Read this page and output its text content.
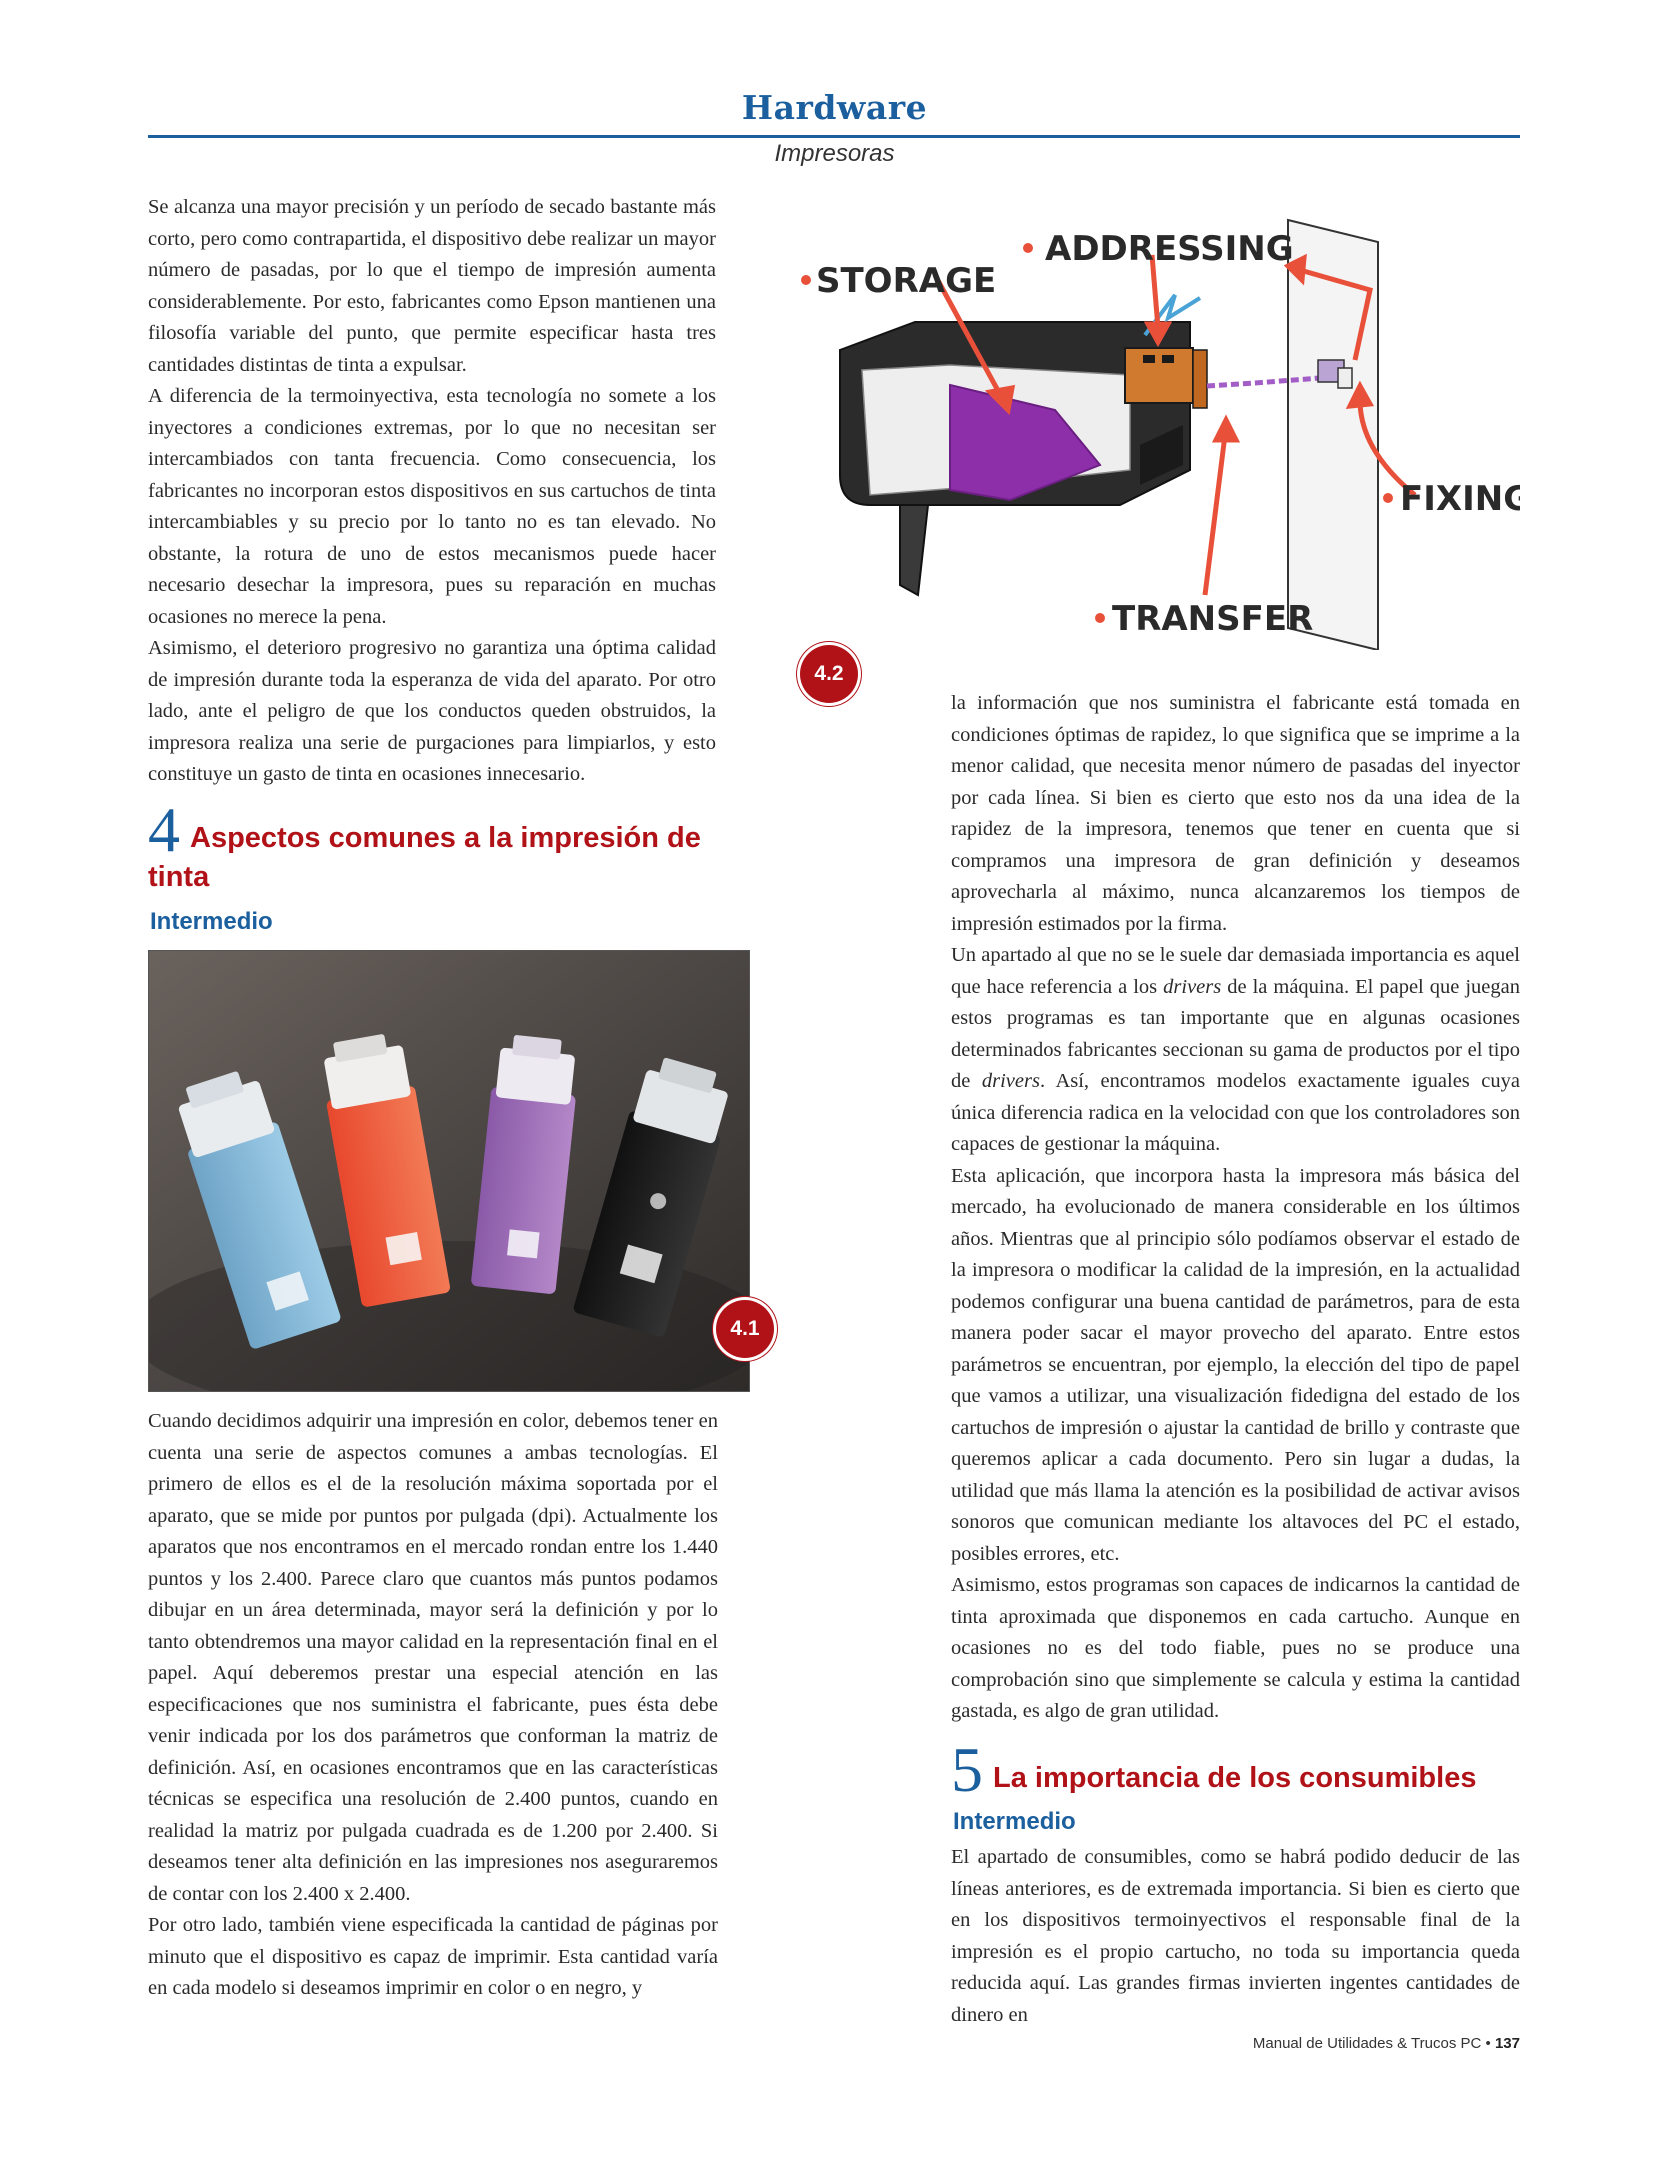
Hardware
Impresoras

Se alcanza una mayor precisión y un período de secado bastante más corto, pero como contrapartida, el dispositivo debe realizar un mayor número de pasadas, por lo que el tiempo de impresión aumenta considerablemente. Por esto, fabricantes como Epson mantienen una filosofía variable del punto, que permite especificar hasta tres cantidades distintas de tinta a expulsar.

A diferencia de la termoinyectiva, esta tecnología no somete a los inyectores a condiciones extremas, por lo que no necesitan ser intercambiados con tanta frecuencia. Como consecuencia, los fabricantes no incorporan estos dispositivos en sus cartuchos de tinta intercambiables y su precio por lo tanto no es tan elevado. No obstante, la rotura de uno de estos mecanismos puede hacer necesario desechar la impresora, pues su reparación en muchas ocasiones no merece la pena.

Asimismo, el deterioro progresivo no garantiza una óptima calidad de impresión durante toda la esperanza de vida del aparato. Por otro lado, ante el peligro de que los conductos queden obstruidos, la impresora realiza una serie de purgaciones para limpiarlos, y esto constituye un gasto de tinta en ocasiones innecesario.

4 Aspectos comunes a la impresión de tinta
Intermedio
4.1
STORAGE
ADDRESSING
FIXING
TRANSFER
4.2

Cuando decidimos adquirir una impresión en color, debemos tener en cuenta una serie de aspectos comunes a ambas tecnologías. El primero de ellos es el de la resolución máxima soportada por el aparato, que se mide por puntos por pulgada (dpi). Actualmente los aparatos que nos encontramos en el mercado rondan entre los 1.440 puntos y los 2.400. Parece claro que cuantos más puntos podamos dibujar en un área determinada, mayor será la definición y por lo tanto obtendremos una mayor calidad en la representación final en el papel. Aquí deberemos prestar una especial atención en las especificaciones que nos suministra el fabricante, pues ésta debe venir indicada por los dos parámetros que conforman la matriz de definición. Así, en ocasiones encontramos que en las características técnicas se especifica una resolución de 2.400 puntos, cuando en realidad la matriz por pulgada cuadrada es de 1.200 por 2.400. Si deseamos tener alta definición en las impresiones nos aseguraremos de contar con los 2.400 x 2.400.

Por otro lado, también viene especificada la cantidad de páginas por minuto que el dispositivo es capaz de imprimir. Esta cantidad varía en cada modelo si deseamos imprimir en color o en negro, y

la información que nos suministra el fabricante está tomada en condiciones óptimas de rapidez, lo que significa que se imprime a la menor calidad, que necesita menor número de pasadas del inyector por cada línea. Si bien es cierto que esto nos da una idea de la rapidez de la impresora, tenemos que tener en cuenta que si compramos una impresora de gran definición y deseamos aprovecharla al máximo, nunca alcanzaremos los tiempos de impresión estimados por la firma.

Un apartado al que no se le suele dar demasiada importancia es aquel que hace referencia a los drivers de la máquina. El papel que juegan estos programas es tan importante que en algunas ocasiones determinados fabricantes seccionan su gama de productos por el tipo de drivers. Así, encontramos modelos exactamente iguales cuya única diferencia radica en la velocidad con que los controladores son capaces de gestionar la máquina.

Esta aplicación, que incorpora hasta la impresora más básica del mercado, ha evolucionado de manera considerable en los últimos años. Mientras que al principio sólo podíamos observar el estado de la impresora o modificar la calidad de la impresión, en la actualidad podemos configurar una buena cantidad de parámetros, para de esta manera poder sacar el mayor provecho del aparato. Entre estos parámetros se encuentran, por ejemplo, la elección del tipo de papel que vamos a utilizar, una visualización fidedigna del estado de los cartuchos de impresión o ajustar la cantidad de brillo y contraste que queremos aplicar a cada documento. Pero sin lugar a dudas, la utilidad que más llama la atención es la posibilidad de activar avisos sonoros que comunican mediante los altavoces del PC el estado, posibles errores, etc.

Asimismo, estos programas son capaces de indicarnos la cantidad de tinta aproximada que disponemos en cada cartucho. Aunque en ocasiones no es del todo fiable, pues no se produce una comprobación sino que simplemente se calcula y estima la cantidad gastada, es algo de gran utilidad.

5 La importancia de los consumibles
Intermedio

El apartado de consumibles, como se habrá podido deducir de las líneas anteriores, es de extremada importancia. Si bien es cierto que en los dispositivos termoinyectivos el responsable final de la impresión es el propio cartucho, no toda su importancia queda reducida aquí. Las grandes firmas invierten ingentes cantidades de dinero en

Manual de Utilidades & Trucos PC • 137
